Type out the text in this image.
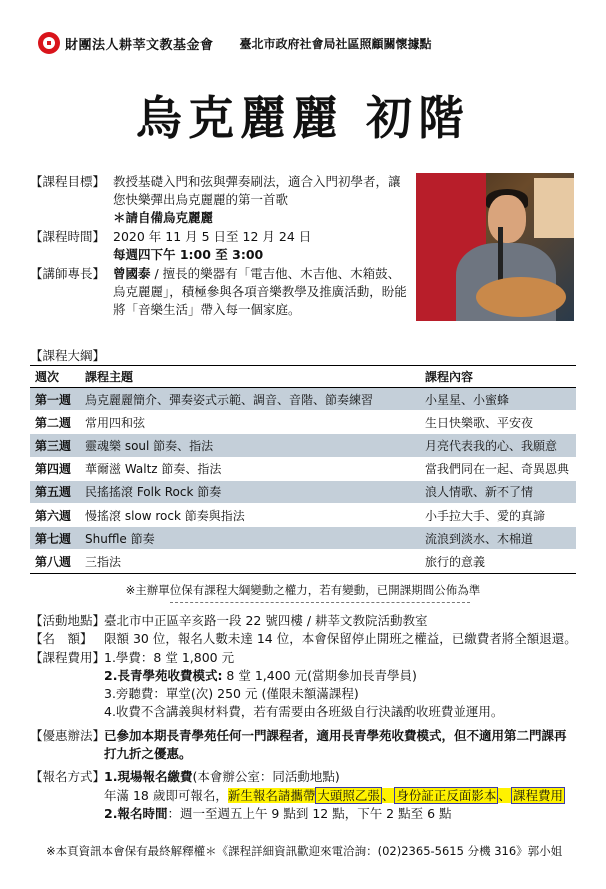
財團法人耕莘文教基金會 臺北市政府社會局社區照顧關懷據點
烏克麗麗 初階
【課程目標】 教授基礎入門和弦與彈奏刷法，適合入門初學者，讓您快樂彈出烏克麗麗的第一首歌
＊請自備烏克麗麗
【課程時間】 2020 年 11 月 5 日至 12 月 24 日
每週四下午 1:00 至 3:00
【講師專長】 曾國泰 / 擅長的樂器有「電吉他、木吉他、木箱鼓、烏克麗麗」，積極參與各項音樂教學及推廣活動，盼能將「音樂生活」帶入每一個家庭。
【課程大綱】
週次	課程主題	課程內容
第一週	烏克麗麗簡介、彈奏姿式示範、調音、音階、節奏練習	小星星、小蜜蜂
第二週	常用四和弦	生日快樂歌、平安夜
第三週	靈魂樂 soul 節奏、指法	月亮代表我的心、我願意
第四週	華爾滋 Waltz 節奏、指法	當我們同在一起、奇異恩典
第五週	民搖搖滾 Folk Rock 節奏	浪人情歌、新不了情
第六週	慢搖滾 slow rock 節奏與指法	小手拉大手、愛的真諦
第七週	Shuffle 節奏	流浪到淡水、木棉道
第八週	三指法	旅行的意義
※主辦單位保有課程大綱變動之權力，若有變動，已開課期間公佈為準
【活動地點】
臺北市中正區辛亥路一段 22 號四樓 / 耕莘文教院活動教室
【名　額】 限額 30 位，報名人數未達 14 位，本會保留停止開班之權益，已繳費者將全額退還。
【課程費用】
1.學費：8 堂 1,800 元
2.長青學苑收費模式: 8 堂 1,400 元(當期參加長青學員)
3.旁聽費：單堂(次) 250 元 (僅限未額滿課程)
4.收費不含講義與材料費，若有需要由各班級自行決議酌收班費並運用。
【優惠辦法】
已參加本期長青學苑任何一門課程者，適用長青學苑收費模式，但不適用第二門課再打九折之優惠。
【報名方式】
1.現場報名繳費(本會辦公室：同活動地點)
年滿 18 歲即可報名，新生報名請攜帶 大頭照乙張 、 身份証正反面影本 、 課程費用
2.報名時間：週一至週五上午 9 點到 12 點，下午 2 點至 6 點
※本頁資訊本會保有最終解釋權＊《課程詳細資訊歡迎來電洽詢：(02)2365-5615 分機 316》郭小姐
